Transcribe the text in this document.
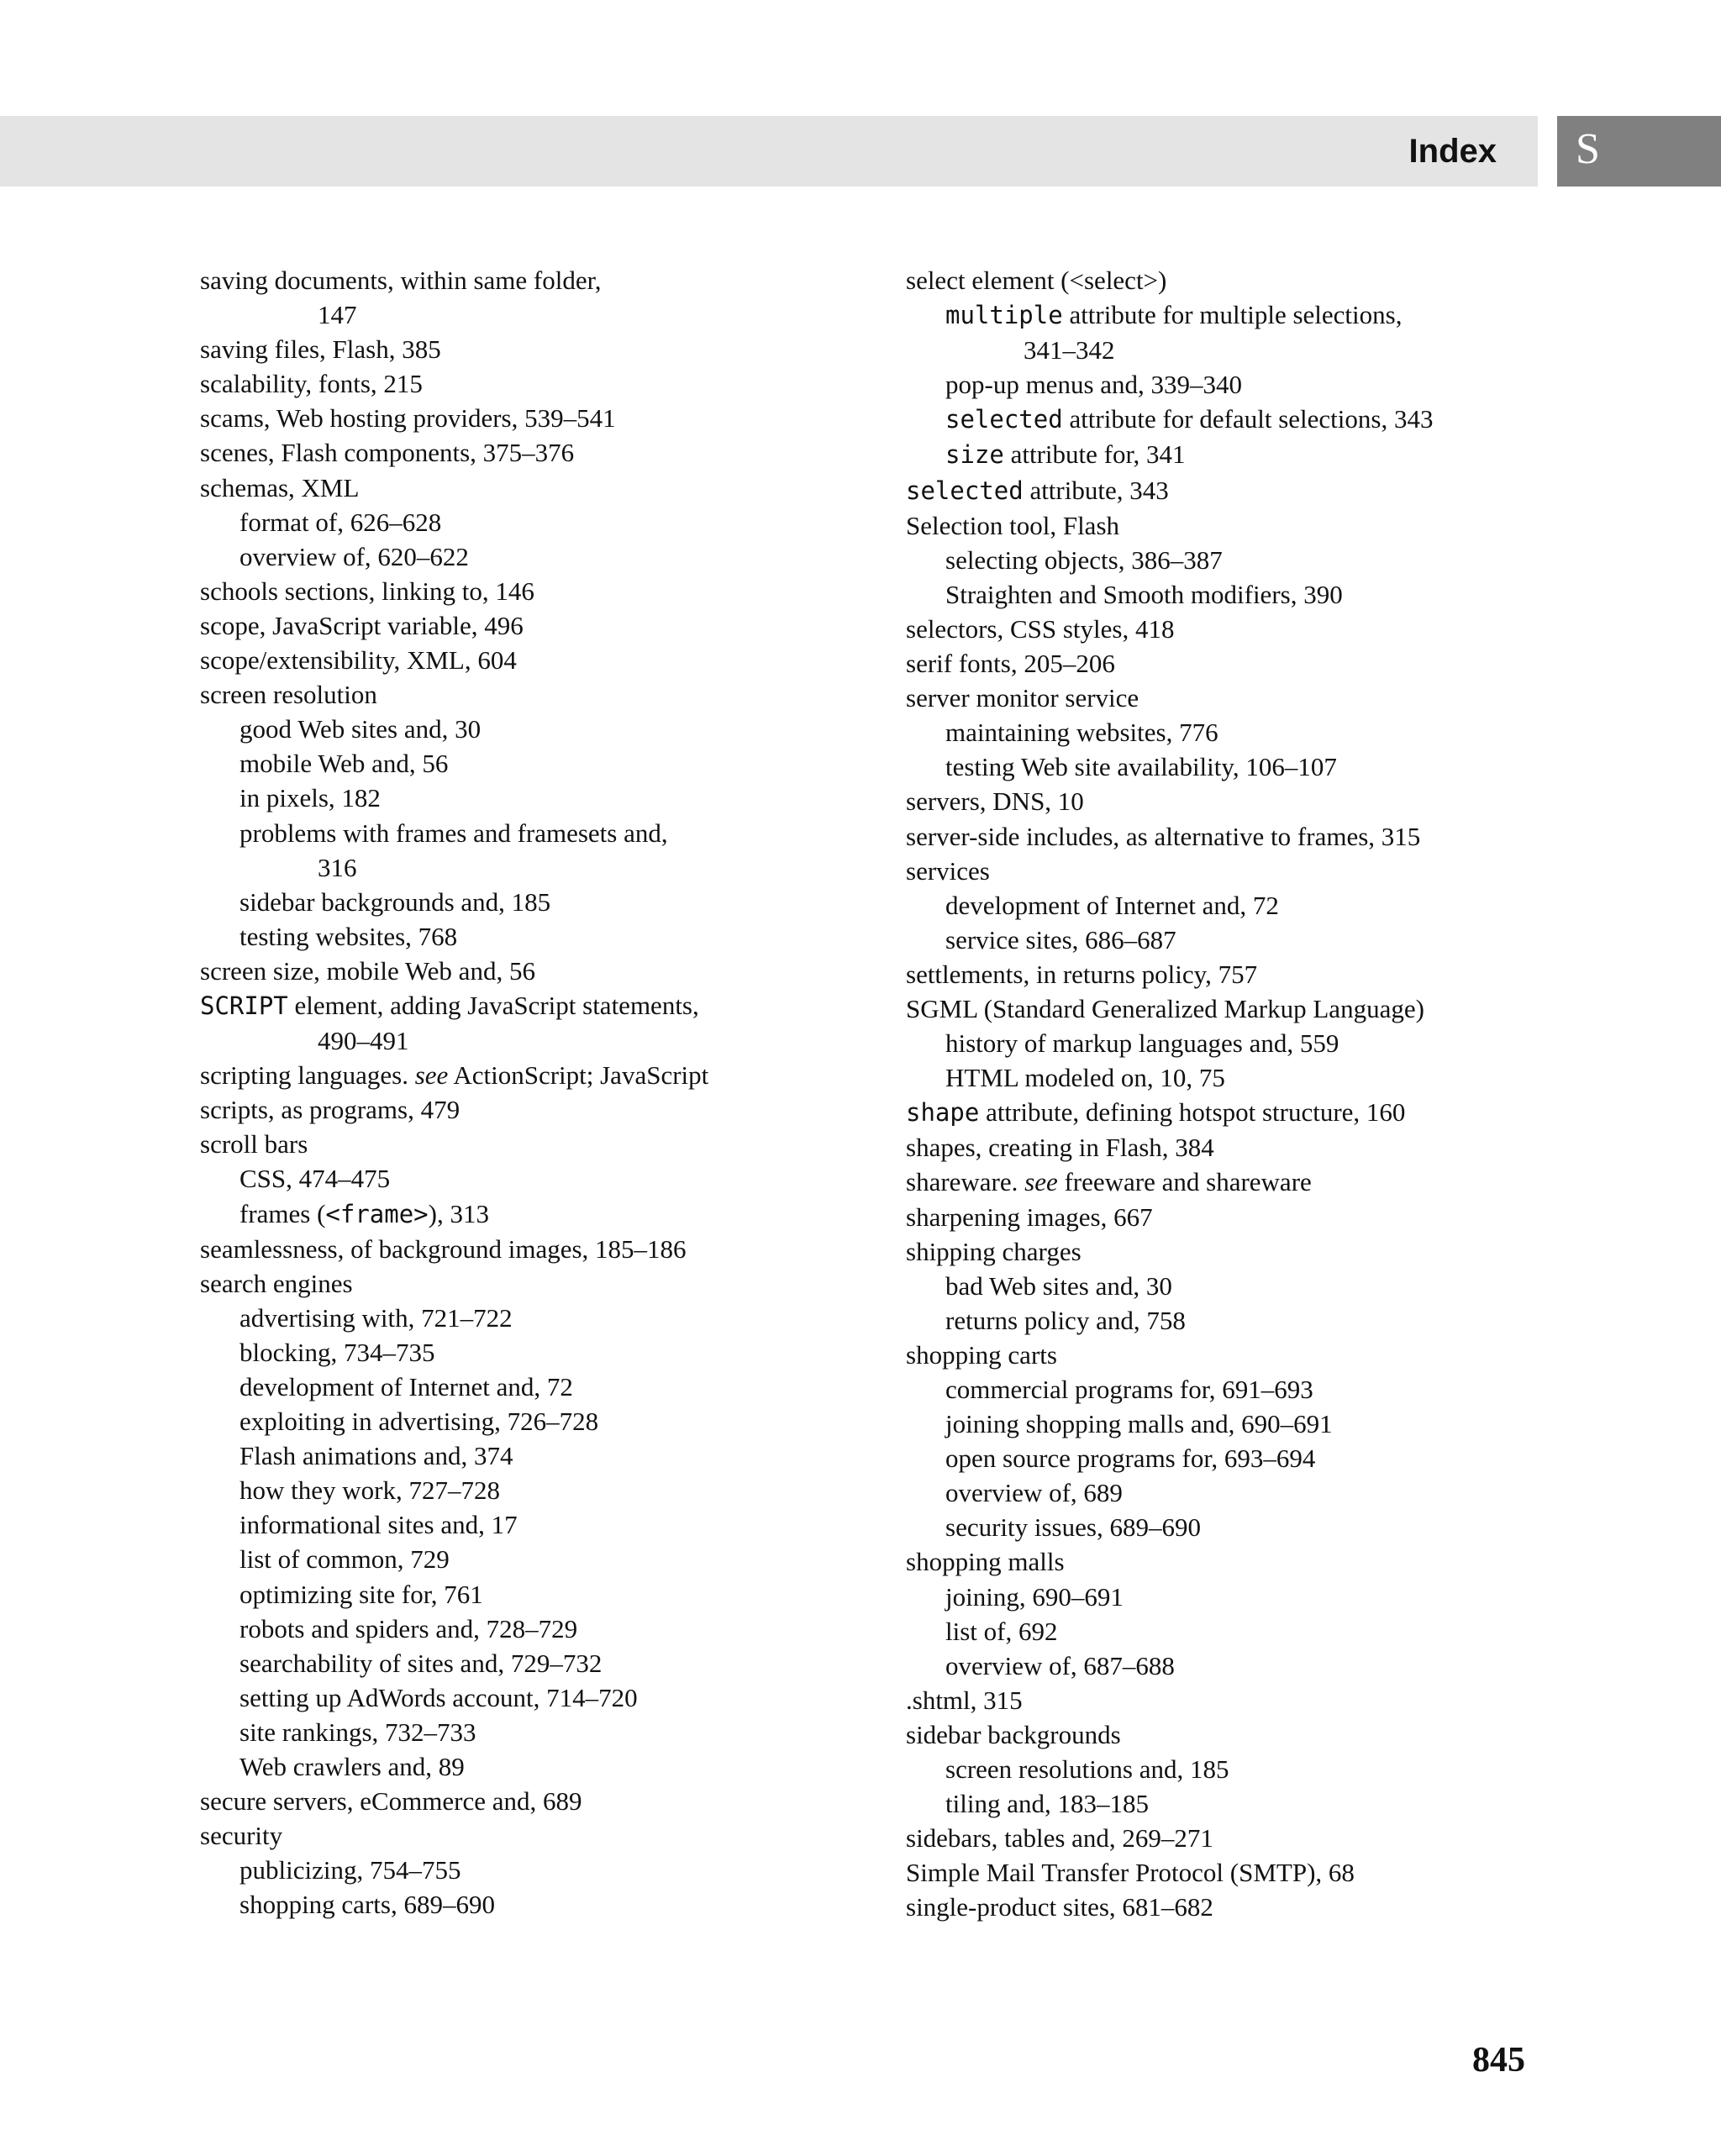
Index S
saving documents, within same folder,
147
saving files, Flash, 385
scalability, fonts, 215
scams, Web hosting providers, 539–541
scenes, Flash components, 375–376
schemas, XML
format of, 626–628
overview of, 620–622
schools sections, linking to, 146
scope, JavaScript variable, 496
scope/extensibility, XML, 604
screen resolution
good Web sites and, 30
mobile Web and, 56
in pixels, 182
problems with frames and framesets and,
316
sidebar backgrounds and, 185
testing websites, 768
screen size, mobile Web and, 56
SCRIPT element, adding JavaScript statements,
490–491
scripting languages. see ActionScript; JavaScript
scripts, as programs, 479
scroll bars
CSS, 474–475
frames (<frame>), 313
seamlessness, of background images, 185–186
search engines
advertising with, 721–722
blocking, 734–735
development of Internet and, 72
exploiting in advertising, 726–728
Flash animations and, 374
how they work, 727–728
informational sites and, 17
list of common, 729
optimizing site for, 761
robots and spiders and, 728–729
searchability of sites and, 729–732
setting up AdWords account, 714–720
site rankings, 732–733
Web crawlers and, 89
secure servers, eCommerce and, 689
security
publicizing, 754–755
shopping carts, 689–690
select element (<select>)
multiple attribute for multiple selections,
341–342
pop-up menus and, 339–340
selected attribute for default selections, 343
size attribute for, 341
selected attribute, 343
Selection tool, Flash
selecting objects, 386–387
Straighten and Smooth modifiers, 390
selectors, CSS styles, 418
serif fonts, 205–206
server monitor service
maintaining websites, 776
testing Web site availability, 106–107
servers, DNS, 10
server-side includes, as alternative to frames, 315
services
development of Internet and, 72
service sites, 686–687
settlements, in returns policy, 757
SGML (Standard Generalized Markup Language)
history of markup languages and, 559
HTML modeled on, 10, 75
shape attribute, defining hotspot structure, 160
shapes, creating in Flash, 384
shareware. see freeware and shareware
sharpening images, 667
shipping charges
bad Web sites and, 30
returns policy and, 758
shopping carts
commercial programs for, 691–693
joining shopping malls and, 690–691
open source programs for, 693–694
overview of, 689
security issues, 689–690
shopping malls
joining, 690–691
list of, 692
overview of, 687–688
.shtml, 315
sidebar backgrounds
screen resolutions and, 185
tiling and, 183–185
sidebars, tables and, 269–271
Simple Mail Transfer Protocol (SMTP), 68
single-product sites, 681–682
845
